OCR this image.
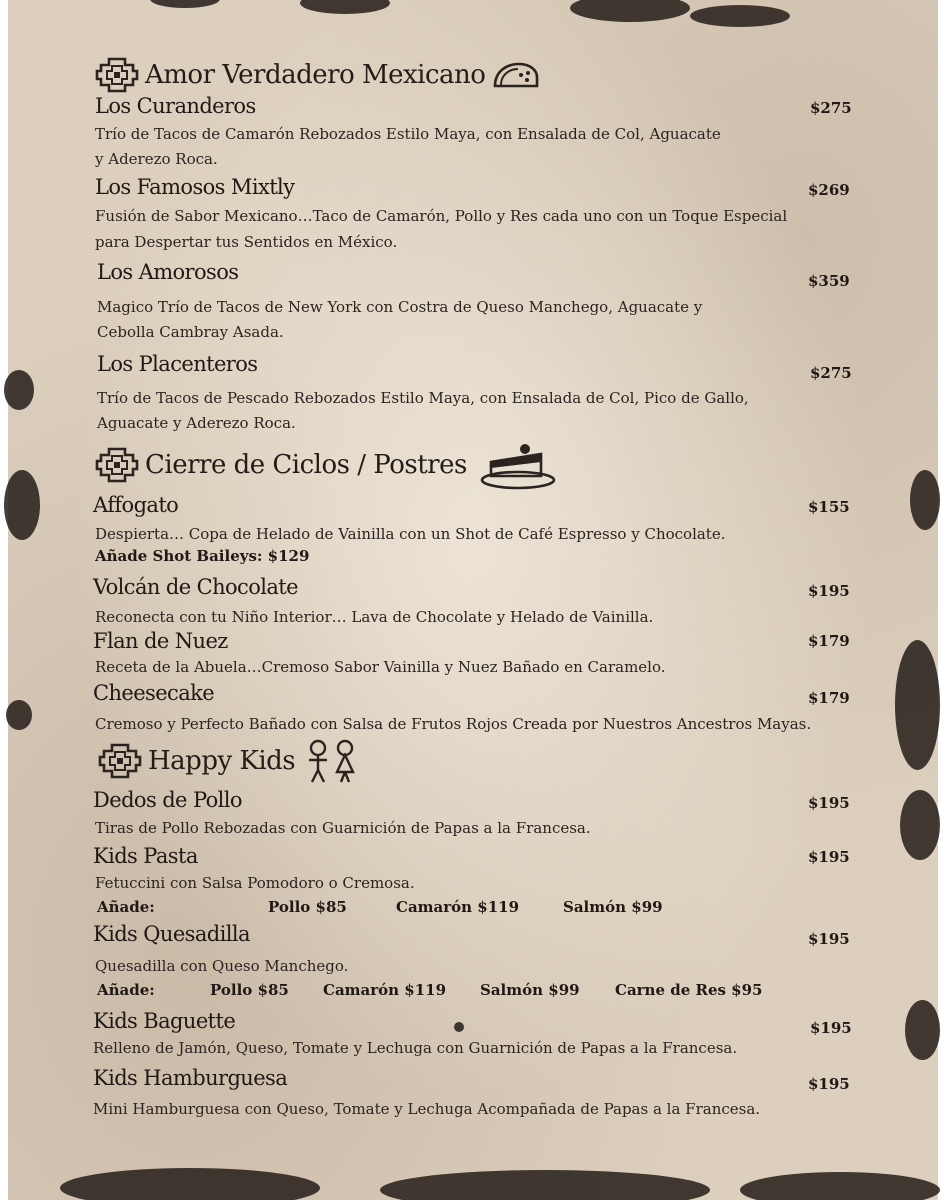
Amor Verdadero Mexicano
Los Curanderos	$275
Trío de Tacos de Camarón Rebozados Estilo Maya, con Ensalada de Col, Aguacate
y Aderezo Roca.
Los Famosos Mixtly	$269
Fusión de Sabor Mexicano…Taco de Camarón, Pollo y Res cada uno con un Toque Especial
para Despertar tus Sentidos en México.
Los Amorosos	$359
Magico Trío de Tacos de New York con Costra de Queso Manchego, Aguacate y
Cebolla Cambray Asada.
Los Placenteros	$275
Trío de Tacos de Pescado Rebozados Estilo Maya, con Ensalada de Col, Pico de Gallo,
Aguacate y Aderezo Roca.
Cierre de Ciclos / Postres
Affogato	$155
Despierta… Copa de Helado de Vainilla con un Shot de Café Espresso y Chocolate.
Añade Shot Baileys: $129
Volcán de Chocolate	$195
Reconecta con tu Niño Interior… Lava de Chocolate y Helado de Vainilla.
Flan de Nuez	$179
Receta de la Abuela…Cremoso Sabor Vainilla y Nuez Bañado en Caramelo.
Cheesecake	$179
Cremoso y Perfecto Bañado con Salsa de Frutos Rojos Creada por Nuestros Ancestros Mayas.
Happy Kids
Dedos de Pollo	$195
Tiras de Pollo Rebozadas con Guarnición de Papas a la Francesa.
Kids Pasta	$195
Fetuccini con Salsa Pomodoro o Cremosa.
Añade:	Pollo $85	Camarón $119	Salmón $99
Kids Quesadilla	$195
Quesadilla con Queso Manchego.
Añade:	Pollo $85 Camarón $119 Salmón $99 Carne de Res $95
Kids Baguette	$195
Relleno de Jamón, Queso, Tomate y Lechuga con Guarnición de Papas a la Francesa.
Kids Hamburguesa	$195
Mini Hamburguesa con Queso, Tomate y Lechuga Acompañada de Papas a la Francesa.
